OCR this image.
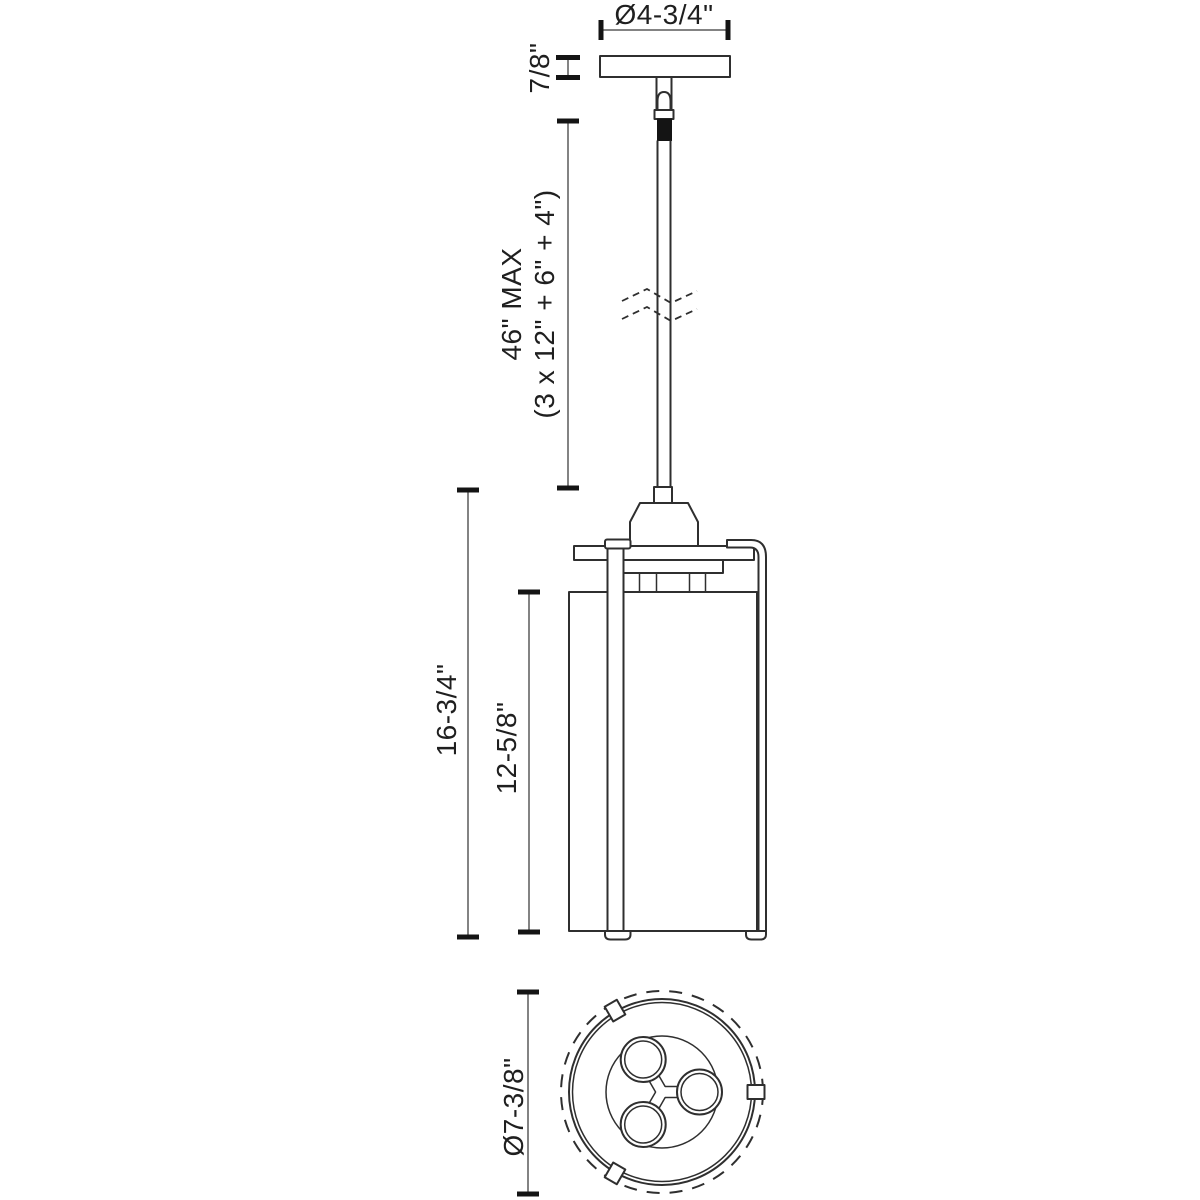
Ø4-3/4"
7/8"
46" MAX (3 x 12" + 6" + 4")
16-3/4" 12-5/8"
Ø7-3/8"
